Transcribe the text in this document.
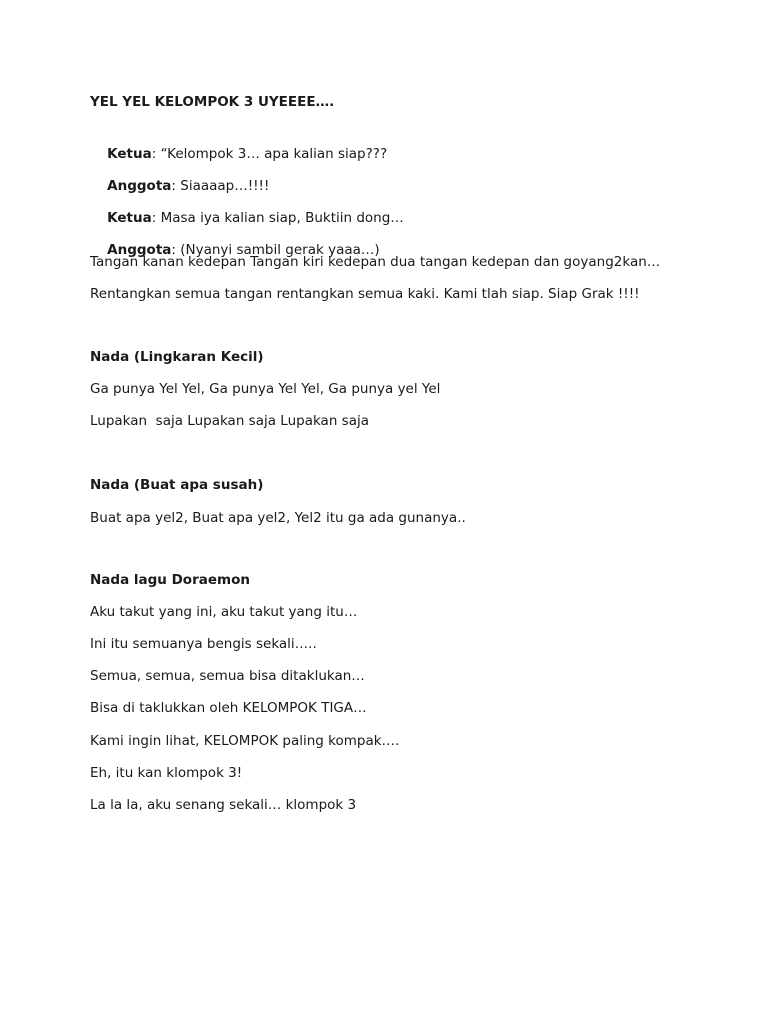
YEL YEL KELOMPOK 3 UYEEEE….

Ketua: “Kelompok 3… apa kalian siap???

Anggota: Siaaaap…!!!!

Ketua: Masa iya kalian siap, Buktiin dong…

Anggota: (Nyanyi sambil gerak yaaa…)

Tangan kanan kedepan Tangan kiri kedepan dua tangan kedepan dan goyang2kan…
Rentangkan semua tangan rentangkan semua kaki. Kami tlah siap. Siap Grak !!!!
Nada (Lingkaran Kecil)
Ga punya Yel Yel, Ga punya Yel Yel, Ga punya yel Yel
Lupakan  saja Lupakan saja Lupakan saja
Nada (Buat apa susah)
Buat apa yel2, Buat apa yel2, Yel2 itu ga ada gunanya..
Nada lagu Doraemon
Aku takut yang ini, aku takut yang itu…
Ini itu semuanya bengis sekali…..
Semua, semua, semua bisa ditaklukan…
Bisa di taklukkan oleh KELOMPOK TIGA…
Kami ingin lihat, KELOMPOK paling kompak….
Eh, itu kan klompok 3!
La la la, aku senang sekali… klompok 3
